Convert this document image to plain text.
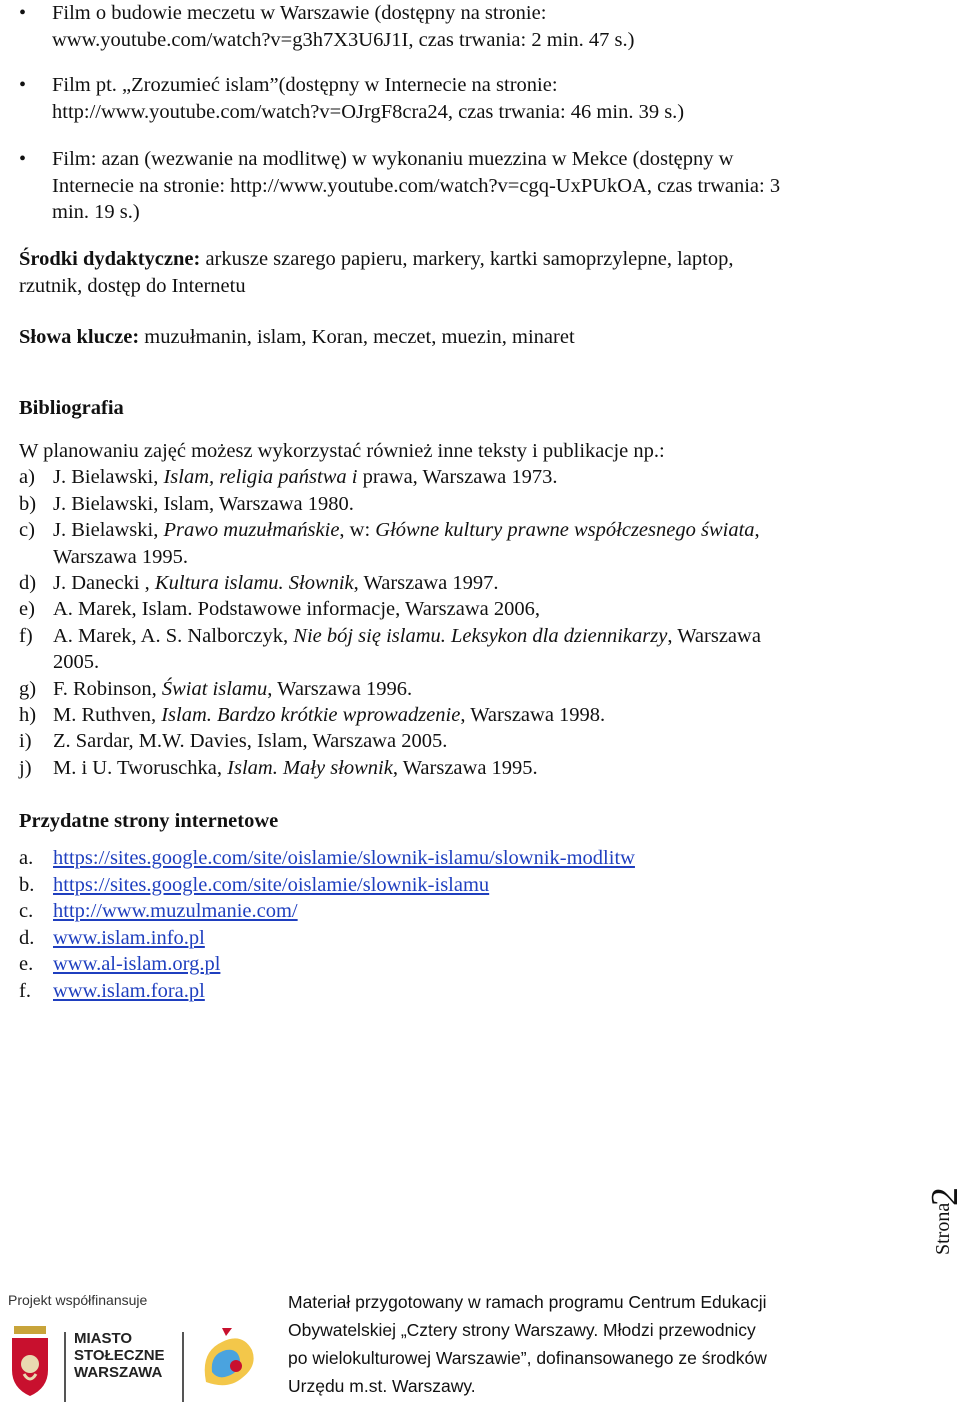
• Film o budowie meczetu w Warszawie (dostępny na stronie:
www.youtube.com/watch?v=g3h7X3U6J1I, czas trwania: 2 min. 47 s.)
• Film pt. „Zrozumieć islam”(dostępny w Internecie na stronie:
http://www.youtube.com/watch?v=OJrgF8cra24, czas trwania: 46 min. 39 s.)
• Film: azan (wezwanie na modlitwę) w wykonaniu muezzina w Mekce (dostępny w
Internecie na stronie: http://www.youtube.com/watch?v=cgq-UxPUkOA, czas trwania: 3
min. 19 s.)
Środki dydaktyczne: arkusze szarego papieru, markery, kartki samoprzylepne, laptop,
rzutnik, dostęp do Internetu
Słowa klucze: muzułmanin, islam, Koran, meczet, muezin, minaret
Bibliografia
W planowaniu zajęć możesz wykorzystać również inne teksty i publikacje np.:
a) J. Bielawski, Islam, religia państwa i prawa, Warszawa 1973.
b) J. Bielawski, Islam, Warszawa 1980.
c) J. Bielawski, Prawo muzułmańskie, w: Główne kultury prawne współczesnego świata,
Warszawa 1995.
d) J. Danecki , Kultura islamu. Słownik, Warszawa 1997.
e) A. Marek, Islam. Podstawowe informacje, Warszawa 2006,
f) A. Marek, A. S. Nalborczyk, Nie bój się islamu. Leksykon dla dziennikarzy, Warszawa
2005.
g) F. Robinson, Świat islamu, Warszawa 1996.
h) M. Ruthven, Islam. Bardzo krótkie wprowadzenie, Warszawa 1998.
i) Z. Sardar, M.W. Davies, Islam, Warszawa 2005.
j) M. i U. Tworuschka, Islam. Mały słownik, Warszawa 1995.
Przydatne strony internetowe
a. https://sites.google.com/site/oislamie/slownik-islamu/slownik-modlitw
b. https://sites.google.com/site/oislamie/slownik-islamu
c. http://www.muzulmanie.com/
d. www.islam.info.pl
e. www.al-islam.org.pl
f. www.islam.fora.pl
Strona
2
Projekt współfinansuje
MIASTO
STOŁECZNE
WARSZAWA
Materiał przygotowany w ramach programu Centrum Edukacji
Obywatelskiej „Cztery strony Warszawy. Młodzi przewodnicy
po wielokulturowej Warszawie”, dofinansowanego ze środków
Urzędu m.st. Warszawy.
